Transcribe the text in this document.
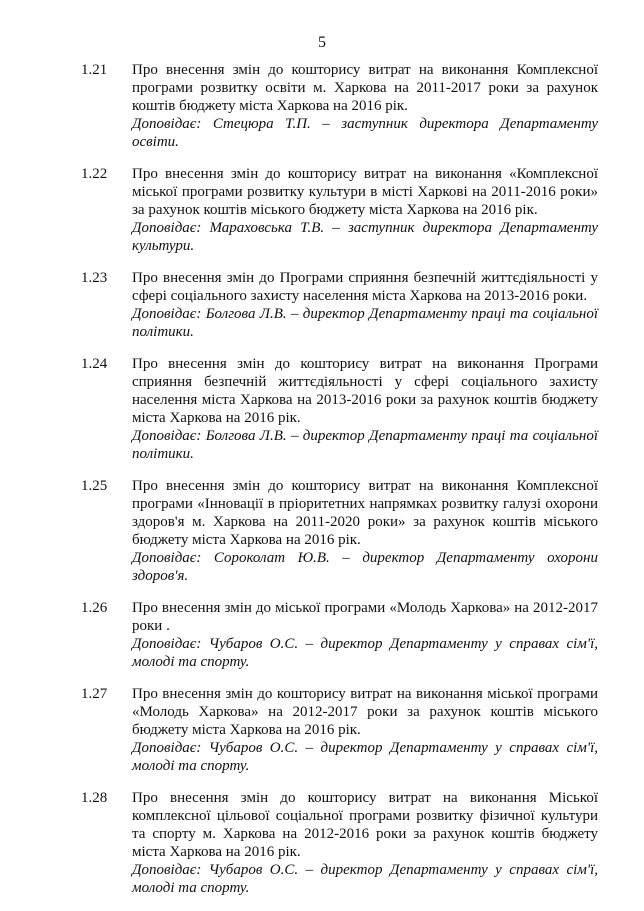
5
1.21 Про внесення змін до кошторису витрат на виконання Комплексної програми розвитку освіти м. Харкова на 2011-2017 роки за рахунок коштів бюджету міста Харкова на 2016 рік.
Доповідає: Стецюра Т.П. – заступник директора Департаменту освіти.
1.22 Про внесення змін до кошторису витрат на виконання «Комплексної міської програми розвитку культури в місті Харкові на 2011-2016 роки» за рахунок коштів міського бюджету міста Харкова на 2016 рік.
Доповідає: Мараховська Т.В. – заступник директора Департаменту культури.
1.23 Про внесення змін до Програми сприяння безпечній життєдіяльності у сфері соціального захисту населення міста Харкова на 2013-2016 роки.
Доповідає: Болгова Л.В. – директор Департаменту праці та соціальної політики.
1.24 Про внесення змін до кошторису витрат на виконання Програми сприяння безпечній життєдіяльності у сфері соціального захисту населення міста Харкова на 2013-2016 роки за рахунок коштів бюджету міста Харкова на 2016 рік.
Доповідає: Болгова Л.В. – директор Департаменту праці та соціальної політики.
1.25 Про внесення змін до кошторису витрат на виконання Комплексної програми «Інновації в пріоритетних напрямках розвитку галузі охорони здоров'я м. Харкова на 2011-2020 роки» за рахунок коштів міського бюджету міста Харкова на 2016 рік.
Доповідає: Сороколат Ю.В. – директор Департаменту охорони здоров'я.
1.26 Про внесення змін до міської програми «Молодь Харкова» на 2012-2017 роки .
Доповідає: Чубаров О.С. – директор Департаменту у справах сім'ї, молоді та спорту.
1.27 Про внесення змін до кошторису витрат на виконання міської програми «Молодь Харкова» на 2012-2017 роки за рахунок коштів міського бюджету міста Харкова на 2016 рік.
Доповідає: Чубаров О.С. – директор Департаменту у справах сім'ї, молоді та спорту.
1.28 Про внесення змін до кошторису витрат на виконання Міської комплексної цільової соціальної програми розвитку фізичної культури та спорту м. Харкова на 2012-2016 роки за рахунок коштів бюджету міста Харкова на 2016 рік.
Доповідає: Чубаров О.С. – директор Департаменту у справах сім'ї, молоді та спорту.
